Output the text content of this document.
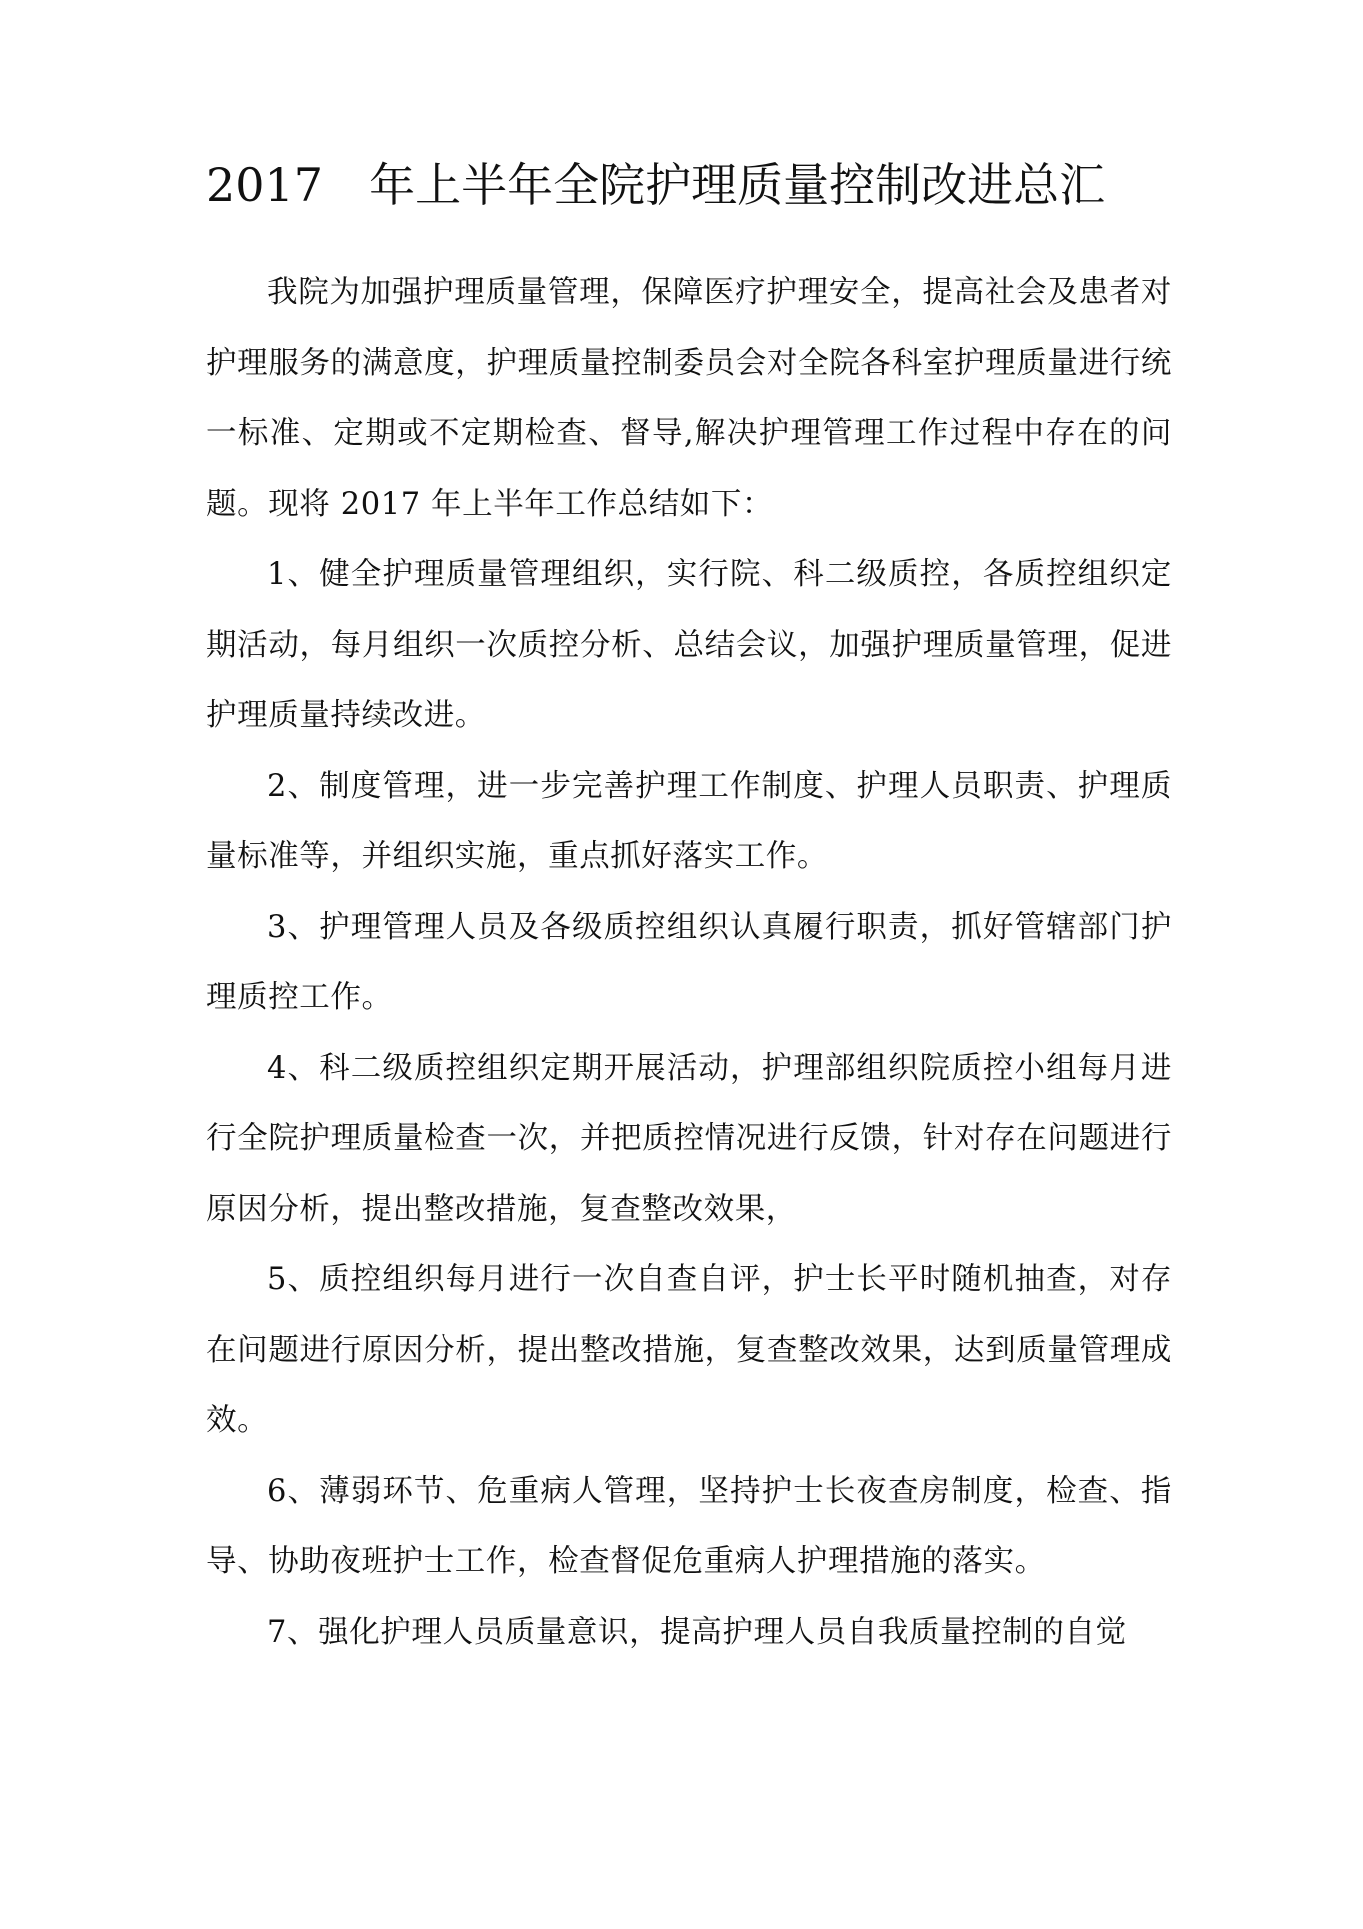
2017 年上半年全院护理质量控制改进总汇

我院为加强护理质量管理，保障医疗护理安全，提高社会及患者对护理服务的满意度，护理质量控制委员会对全院各科室护理质量进行统一标准、定期或不定期检查、督导,解决护理管理工作过程中存在的问题。现将 2017 年上半年工作总结如下：

1、健全护理质量管理组织，实行院、科二级质控，各质控组织定期活动，每月组织一次质控分析、总结会议，加强护理质量管理，促进护理质量持续改进。

2、制度管理，进一步完善护理工作制度、护理人员职责、护理质量标准等，并组织实施，重点抓好落实工作。

3、护理管理人员及各级质控组织认真履行职责，抓好管辖部门护理质控工作。

4、科二级质控组织定期开展活动，护理部组织院质控小组每月进行全院护理质量检查一次，并把质控情况进行反馈，针对存在问题进行原因分析，提出整改措施，复查整改效果，

5、质控组织每月进行一次自查自评，护士长平时随机抽查，对存在问题进行原因分析，提出整改措施，复查整改效果，达到质量管理成效。

6、薄弱环节、危重病人管理，坚持护士长夜查房制度，检查、指导、协助夜班护士工作，检查督促危重病人护理措施的落实。

7、强化护理人员质量意识，提高护理人员自我质量控制的自觉
